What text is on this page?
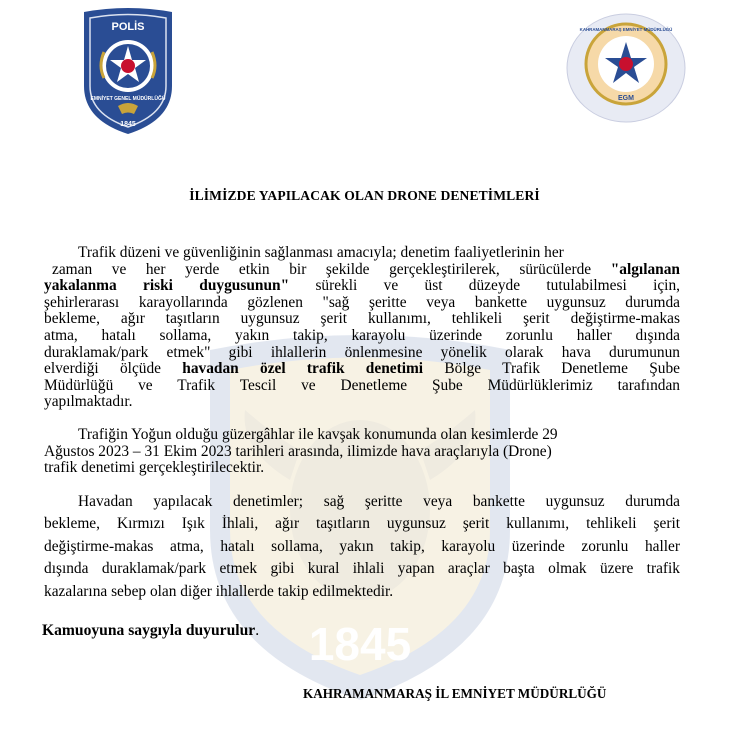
1845
POLİS
EMNİYET GENEL MÜDÜRLÜĞÜ
1845
KAHRAMANMARAŞ EMNİYET MÜDÜRLÜĞÜ
EGM
İLİMİZDE YAPILACAK OLAN DRONE DENETİMLERİ
Trafik düzeni ve güvenliğinin sağlanması amacıyla; denetim faaliyetlerinin her
zaman ve her yerde etkin bir şekilde gerçekleştirilerek, sürücülerde "algılanan
yakalanma riski duygusunun" sürekli ve üst düzeyde tutulabilmesi için,
şehirlerarası karayollarında gözlenen "sağ şeritte veya bankette uygunsuz durumda
bekleme, ağır taşıtların uygunsuz şerit kullanımı, tehlikeli şerit değiştirme-makas
atma, hatalı sollama, yakın takip, karayolu üzerinde zorunlu haller dışında
duraklamak/park etmek" gibi ihlallerin önlenmesine yönelik olarak hava durumunun
elverdiği ölçüde havadan özel trafik denetimi Bölge Trafik Denetleme Şube
Müdürlüğü ve Trafik Tescil ve Denetleme Şube Müdürlüklerimiz tarafından
yapılmaktadır.
Trafiğin Yoğun olduğu güzergâhlar ile kavşak konumunda olan kesimlerde 29
Ağustos 2023 – 31 Ekim 2023 tarihleri arasında, ilimizde hava araçlarıyla (Drone)
trafik denetimi gerçekleştirilecektir.
Havadan yapılacak denetimler; sağ şeritte veya bankette uygunsuz durumda
bekleme, Kırmızı Işık İhlali, ağır taşıtların uygunsuz şerit kullanımı, tehlikeli şerit
değiştirme-makas atma, hatalı sollama, yakın takip, karayolu üzerinde zorunlu haller
dışında duraklamak/park etmek gibi kural ihlali yapan araçlar başta olmak üzere trafik
kazalarına sebep olan diğer ihlallerde takip edilmektedir.
Kamuoyuna saygıyla duyurulur.
KAHRAMANMARAŞ İL EMNİYET MÜDÜRLÜĞÜ
